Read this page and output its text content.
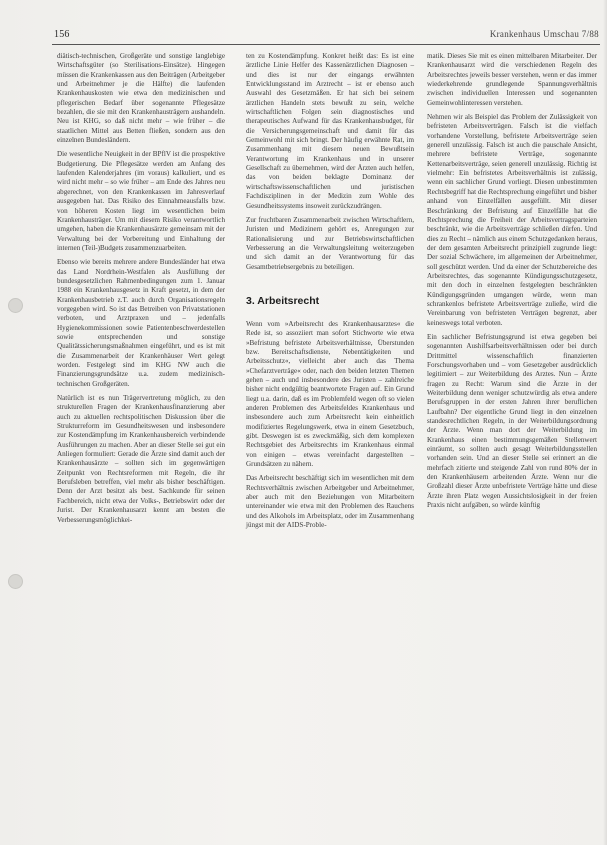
156	Krankenhaus Umschau 7/88

diätisch-technischen, Großgeräte und sonstige langlebige Wirtschaftsgüter (so Sterilisations-Einsätze). Hingegen müssen die Krankenkassen aus den Beiträgen (Arbeitgeber und Arbeitnehmer je die Hälfte) die laufenden Krankenhauskosten wie etwa den medizinischen und pflegerischen Bedarf über sogenannte Pflegesätze bezahlen, die sie mit den Krankenhausträgern aushandeln. Neu ist KHG, so daß nicht mehr – wie früher – die staatlichen Mittel aus Betten fließen, sondern aus den einzelnen Bundesländern.

Die wesentliche Neuigkeit in der BPflV ist die prospektive Budgetierung. Die Pflegesätze werden am Anfang des laufenden Kalenderjahres (im voraus) kalkuliert, und es wird nicht mehr – so wie früher – am Ende des Jahres neu abgerechnet, von den Krankenkassen im Jahresverlauf ausgegeben hat. Das Risiko des Einnahmeausfalls bzw. von höheren Kosten liegt im wesentlichen beim Krankenhausträger. Um mit diesem Risiko verantwortlich umgehen, haben die Krankenhausärzte gemeinsam mit der Verwaltung bei der Vorbereitung und Einhaltung der internen (Teil-)Budgets zusammenzuarbeiten.

Ebenso wie bereits mehrere andere Bundesländer hat etwa das Land Nordrhein-Westfalen als Ausfüllung der bundesgesetzlichen Rahmenbedingungen zum 1. Januar 1988 ein Krankenhausgesetz in Kraft gesetzt, in dem der Krankenhausbetrieb z.T. auch durch Organisationsregeln vorgegeben wird. So ist das Betreiben von Privatstationen verboten, und Arztpraxen und – jedenfalls Hygienekommissionen sowie Patientenbeschwerdestellen sowie entsprechenden und sonstige Qualitätssicherungsmaßnahmen eingeführt, und es ist mit die Zusammenarbeit der Krankenhäuser Wert gelegt worden. Festgelegt sind im KHG NW auch die Finanzierungsgrundsätze u.a. zudem medizinisch-technischen Großgeräten.

Natürlich ist es nun Trägervertretung möglich, zu den strukturellen Fragen der Krankenhausfinanzierung aber auch zu aktuellen rechtspolitischen Diskussion über die Strukturreform im Gesundheitswesen und insbesondere zur Kostendämpfung im Krankenhausbereich verbindende Ausführungen zu machen. Aber an dieser Stelle sei gut ein Anliegen formuliert: Gerade die Ärzte sind damit auch der Krankenhausärzte – sollten sich im gegenwärtigen Zeitpunkt von Rechtsreformen mit Regeln, die ihr Berufsleben betreffen, viel mehr als bisher beschäftigen. Denn der Arzt besitzt als best. Sachkunde für seinen Fachbereich, nicht etwa der Volks-, Betriebswirt oder der Jurist. Der Krankenhausarzt kennt am besten die Verbesserungsmöglichkei-

ten zu Kostendämpfung. Konkret heißt das: Es ist eine ärztliche Linie Helfer des Kassenärztlichen Diagnosen – und dies ist nur der eingangs erwähnten Entwicklungsstand im Arztrecht – ist er ebenso auch Auswahl des Gesetzmäßen. Er hat sich bei seinem ärztlichen Handeln stets bewußt zu sein, welche wirtschaftlichen Folgen sein diagnostisches und therapeutisches Aufwand für das Krankenhausbudget, für die Versicherungsgemeinschaft und damit für das Gemeinwohl mit sich bringt. Der häufig erwähnte Rat, im Zusammenhang mit diesem neuen Bewußtsein Verantwortung im Krankenhaus und in unserer Gesellschaft zu übernehmen, wird der Ärzten auch helfen, das von beiden beklagte Dominanz der wirtschaftswissenschaftlichen und juristischen Fachdisziplinen in der Medizin zum Wohle des Gesundheitssystems insoweit zurückzudrängen.

Zur fruchtbaren Zusammenarbeit zwischen Wirtschaftlern, Juristen und Medizinern gehört es, Anregungen zur Rationalisierung und zur Betriebswirtschaftlichen Verbesserung an die Verwaltungsleitung weiterzugeben und sich damit an der Verantwortung für das Gesamtbetriebsergebnis zu beteiligen.

3. Arbeitsrecht

Wenn vom »Arbeitsrecht des Krankenhausarztes« die Rede ist, so assoziiert man sofort Stichworte wie etwa »Befristung befristete Arbeitsverhältnisse, Überstunden bzw. Bereitschaftsdienste, Nebentätigkeiten und Arbeitsschutz«, vielleicht aber auch das Thema »Chefarztverträge« oder, nach den beiden letzten Themen gehen – auch und insbesondere des Juristen – zahlreiche bisher nicht endgültig beantwortete Fragen auf. Ein Grund liegt u.a. darin, daß es im Problemfeld wegen oft so vielen anderen Problemen des Arbeitsfeldes Krankenhaus und insbesondere auch zum Arbeitsrecht kein einheitlich modifiziertes Regelungswerk, etwa in einem Gesetzbuch, gibt. Deswegen ist es zweckmäßig, sich dem komplexen Rechtsgebiet des Arbeitsrechts im Krankenhaus einmal von einigen – etwas vereinfacht dargestellten – Grundsätzen zu nähern.

Das Arbeitsrecht beschäftigt sich im wesentlichen mit dem Rechtsverhältnis zwischen Arbeitgeber und Arbeitnehmer, aber auch mit den Beziehungen von Mitarbeitern untereinander wie etwa mit den Problemen des Rauchens und des Alkohols im Arbeitsplatz, oder im Zusammenhang jüngst mit der AIDS-Proble-

matik. Dieses Sie mit es einen mittelbaren Mitarbeiter. Der Krankenhausarzt wird die verschiedenen Regeln des Arbeitsrechtes jeweils besser verstehen, wenn er das immer wiederkehrende grundlegende Spannungsverhältnis zwischen individuellen Interessen und sogenannten Gemeinwohlinteressen verstehen.

Nehmen wir als Beispiel das Problem der Zulässigkeit von befristeten Arbeitsverträgen. Falsch ist die vielfach vorhandene Vorstellung, befristete Arbeitsverträge seien generell unzulässig. Falsch ist auch die pauschale Ansicht, mehrere befristete Verträge, sogenannte Kettenarbeitsverträge, seien generell unzulässig. Richtig ist vielmehr: Ein befristetes Arbeitsverhältnis ist zulässig, wenn ein sachlicher Grund vorliegt. Diesen unbestimmten Rechtsbegriff hat die Rechtsprechung eingeführt und bisher anhand von Einzelfällen ausgefüllt. Mit dieser Beschränkung der Befristung auf Einzelfälle hat die Rechtsprechung die Freiheit der Arbeitsvertragsparteien beschränkt, wie die Arbeitsverträge schließen dürfen. Und dies zu Recht – nämlich aus einem Schutzgedanken heraus, der dem gesamten Arbeitsrecht prinzipiell zugrunde liegt: Der sozial Schwächere, im allgemeinen der Arbeitnehmer, soll geschützt werden. Und da einer der Schutzbereiche des Arbeitsrechtes, das sogenannte Kündigungsschutzgesetz, mit den doch in einzelnen festgelegten beschränkten Kündigungsgründen umgangen würde, wenn man schrankenlos befristete Arbeitsverträge zuließe, wird die Vereinbarung von befristeten Verträgen begrenzt, aber keineswegs total verboten.

Ein sachlicher Befristungsgrund ist etwa gegeben bei sogenannten Aushilfsarbeitsverhältnissen oder bei durch Drittmittel wissenschaftlich finanzierten Forschungsvorhaben und – vom Gesetzgeber ausdrücklich legitimiert – zur Weiterbildung des Arztes. Nun – Ärzte fragen zu Recht: Warum sind die Ärzte in der Weiterbildung denn weniger schutzwürdig als etwa andere Berufsgruppen in der ersten Jahren ihrer beruflichen Laufbahn? Der eigentliche Grund liegt in den einzelnen standesrechtlichen Regeln, in der Weiterbildungsordnung der Ärzte. Wenn man dort der Weiterbildung im Krankenhaus einen bestimmungsgemäßen Stellenwert einräumt, so sollten auch gesagt Weiterbildungsstellen vorhanden sein. Und an dieser Stelle sei erinnert an die mehrfach zitierte und steigende Zahl von rund 80% der in den Krankenhäusern arbeitenden Ärzte. Wenn nur die Großzahl dieser Ärzte unbefristete Verträge hätte und diese Ärzte ihren Platz wegen Aussichtslosigkeit in der freien Praxis nicht aufgäben, so würde künftig
